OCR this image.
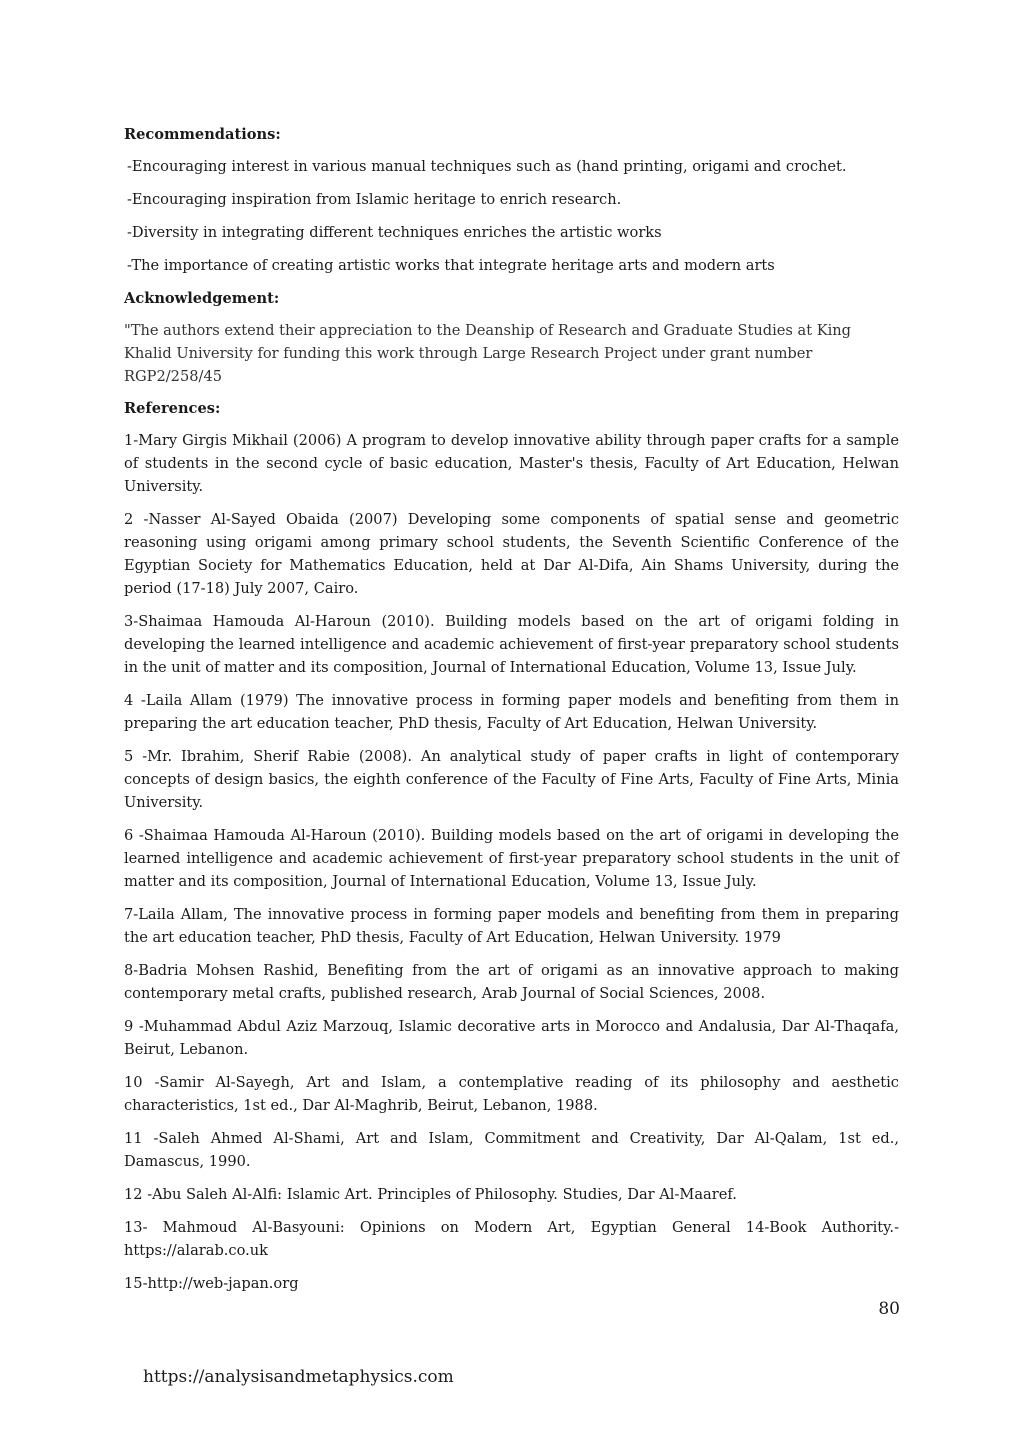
Recommendations:
-Encouraging interest in various manual techniques such as (hand printing, origami and crochet.
-Encouraging inspiration from Islamic heritage to enrich research.
-Diversity in integrating different techniques enriches the artistic works
-The importance of creating artistic works that integrate heritage arts and modern arts
Acknowledgement:
"The authors extend their appreciation to the Deanship of Research and Graduate Studies at King Khalid University for funding this work through Large Research Project under grant number RGP2/258/45
References:
1-Mary Girgis Mikhail (2006) A program to develop innovative ability through paper crafts for a sample of students in the second cycle of basic education, Master's thesis, Faculty of Art Education, Helwan University.
2 -Nasser Al-Sayed Obaida (2007) Developing some components of spatial sense and geometric reasoning using origami among primary school students, the Seventh Scientific Conference of the Egyptian Society for Mathematics Education, held at Dar Al-Difa, Ain Shams University, during the period (17-18) July 2007, Cairo.
3-Shaimaa Hamouda Al-Haroun (2010). Building models based on the art of origami folding in developing the learned intelligence and academic achievement of first-year preparatory school students in the unit of matter and its composition, Journal of International Education, Volume 13, Issue July.
4 -Laila Allam (1979) The innovative process in forming paper models and benefiting from them in preparing the art education teacher, PhD thesis, Faculty of Art Education, Helwan University.
5 -Mr. Ibrahim, Sherif Rabie (2008). An analytical study of paper crafts in light of contemporary concepts of design basics, the eighth conference of the Faculty of Fine Arts, Faculty of Fine Arts, Minia University.
6 -Shaimaa Hamouda Al-Haroun (2010). Building models based on the art of origami in developing the learned intelligence and academic achievement of first-year preparatory school students in the unit of matter and its composition, Journal of International Education, Volume 13, Issue July.
7-Laila Allam, The innovative process in forming paper models and benefiting from them in preparing the art education teacher, PhD thesis, Faculty of Art Education, Helwan University. 1979
8-Badria Mohsen Rashid, Benefiting from the art of origami as an innovative approach to making contemporary metal crafts, published research, Arab Journal of Social Sciences, 2008.
9 -Muhammad Abdul Aziz Marzouq, Islamic decorative arts in Morocco and Andalusia, Dar Al-Thaqafa, Beirut, Lebanon.
10 -Samir Al-Sayegh, Art and Islam, a contemplative reading of its philosophy and aesthetic characteristics, 1st ed., Dar Al-Maghrib, Beirut, Lebanon, 1988.
11 -Saleh Ahmed Al-Shami, Art and Islam, Commitment and Creativity, Dar Al-Qalam, 1st ed., Damascus, 1990.
12 -Abu Saleh Al-Alfi: Islamic Art. Principles of Philosophy. Studies, Dar Al-Maaref.
13- Mahmoud Al-Basyouni: Opinions on Modern Art, Egyptian General 14-Book Authority.- https://alarab.co.uk
15-http://web-japan.org
80
https://analysisandmetaphysics.com
